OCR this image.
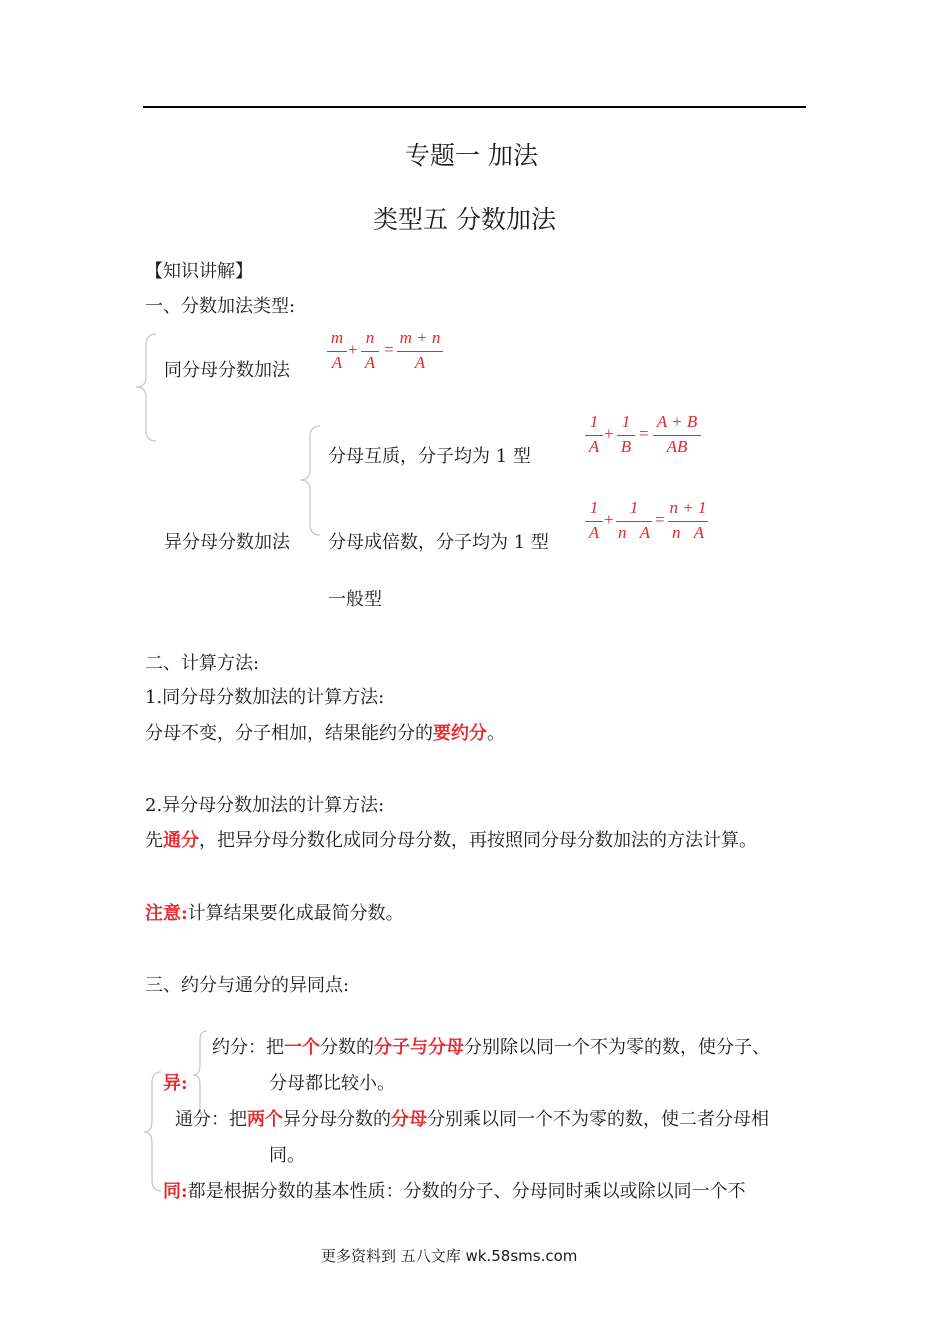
专题一 加法
类型五 分数加法
【知识讲解】
一、分数加法类型:
同分母分数加法
异分母分数加法
分母互质，分子均为 1 型
分母成倍数，分子均为 1 型
一般型
m
A
+
n
A
=
m + n
A
1
A
+
1
B
=
A + B
AB
1
A
+
1
n⃞A
=
n + 1
n⃞A
二、计算方法:
1.同分母分数加法的计算方法:
分母不变，分子相加，结果能约分的要约分。
2.异分母分数加法的计算方法:
先通分，把异分母分数化成同分母分数，再按照同分母分数加法的方法计算。
注意:计算结果要化成最简分数。
三、约分与通分的异同点:
异:
约分：把一个分数的分子与分母分别除以同一个不为零的数，使分子、
分母都比较小。
通分：把两个异分母分数的分母分别乘以同一个不为零的数，使二者分母相
同。
同:都是根据分数的基本性质：分数的分子、分母同时乘以或除以同一个不
更多资料到 五八文库 wk.58sms.com
